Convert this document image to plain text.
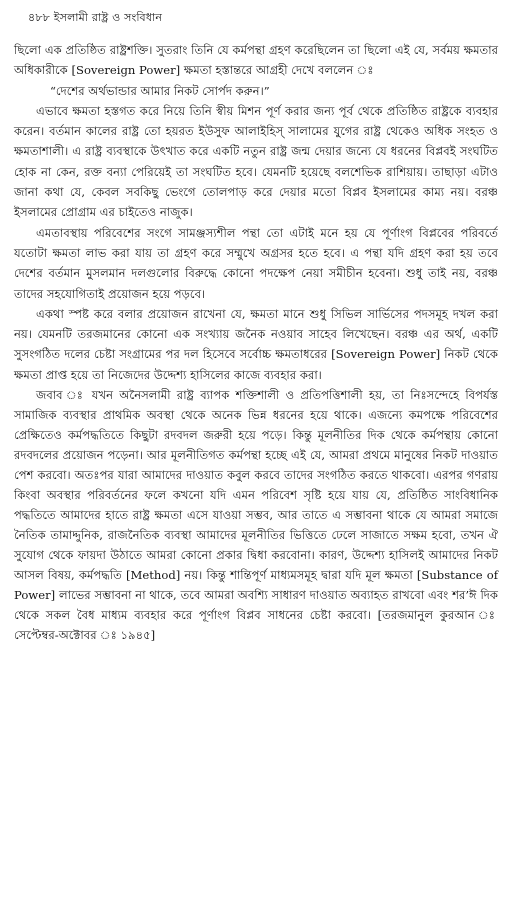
৪৮৮ ইসলামী রাষ্ট্র ও সংবিধান

ছিলো এক প্রতিষ্ঠিত রাষ্ট্রশক্তি। সুতরাং তিনি যে কর্মপন্থা গ্রহণ করেছিলেন তা ছিলো এই যে, সর্বময় ক্ষমতার অধিকারীকে [Sovereign Power] ক্ষমতা হস্তান্তরে আগ্রহী দেখে বললেন ঃ

“দেশের অর্থভান্ডার আমার নিকট সোর্পদ করুন।”

এভাবে ক্ষমতা হস্তগত করে নিয়ে তিনি স্বীয় মিশন পূর্ণ করার জন্য পূর্ব থেকে প্রতিষ্ঠিত রাষ্ট্রকে ব্যবহার করেন। বর্তমান কালের রাষ্ট্র তো হয়রত ইউসুফ আলাইহিস্‌ সালামের যুগের রাষ্ট্র থেকেও অধিক সংহত ও ক্ষমতাশালী। এ রাষ্ট্র ব্যবস্থাকে উৎখাত করে একটি নতুন রাষ্ট্র জন্ম দেয়ার জন্যে যে ধরনের বিপ্লবই সংঘটিত হোক না কেন, রক্ত বন্যা পেরিয়েই তা সংঘটিত হবে। যেমনটি হয়েছে বলশেভিক রাশিয়ায়। তাছাড়া এটাও জানা কথা যে, কেবল সবকিছু ভেংগে তোলপাড় করে দেয়ার মতো বিপ্লব ইসলামের কাম্য নয়। বরঞ্চ ইসলামের প্রোগ্রাম এর চাইতেও নাজুক।

এমতাবস্থায় পরিবেশের সংগে সামঞ্জস্যশীল পন্থা তো এটাই মনে হয় যে পূর্ণাংগ বিপ্লবের পরিবর্তে যতোটা ক্ষমতা লাভ করা যায় তা গ্রহণ করে সম্মুখে অগ্রসর হতে হবে। এ পন্থা যদি গ্রহণ করা হয় তবে দেশের বর্তমান মুসলমান দলগুলোর বিরুদ্ধে কোনো পদক্ষেপ নেয়া সমীচীন হবেনা। শুধু তাই নয়, বরঞ্চ তাদের সহযোগিতাই প্রয়োজন হয়ে পড়বে।

একথা স্পষ্ট করে বলার প্রয়োজন রাখেনা যে, ক্ষমতা মানে শুধু সিভিল সার্ভিসের পদসমূহ দখল করা নয়। যেমনটি তরজমানের কোনো এক সংখ্যায় জনৈক নওয়াব সাহেব লিখেছেন। বরঞ্চ এর অর্থ, একটি সুসংগঠিত দলের চেষ্টা সংগ্রামের পর দল হিসেবে সর্বোচ্চ ক্ষমতাধরের [Sovereign Power] নিকট থেকে ক্ষমতা প্রাপ্ত হয়ে তা নিজেদের উদ্দেশ্য হাসিলের কাজে ব্যবহার করা।

জবাব ঃ যখন অনৈসলামী রাষ্ট্র ব্যাপক শক্তিশালী ও প্রতিপত্তিশালী হয়, তা নিঃসন্দেহে বিপর্যস্ত সামাজিক ব্যবস্থার প্রাথমিক অবস্থা থেকে অনেক ভিন্ন ধরনের হয়ে থাকে। এজন্যে কমপক্ষে পরিবেশের প্রেক্ষিতেও কর্মপদ্ধতিতে কিছুটা রদবদল জরুরী হয়ে পড়ে। কিন্তু মূলনীতির দিক থেকে কর্মপন্থায় কোনো রদবদলের প্রয়োজন পড়েনা। আর মূলনীতিগত কর্মপন্থা হচ্ছে এই যে, আমরা প্রথমে মানুষের নিকট দাওয়াত পেশ করবো। অতঃপর যারা আমাদের দাওয়াত কবুল করবে তাদের সংগঠিত করতে থাকবো। এরপর গণরায় কিংবা অবস্থার পরিবর্তনের ফলে কখনো যদি এমন পরিবেশ সৃষ্টি হয়ে যায় যে, প্রতিষ্ঠিত সাংবিধানিক পদ্ধতিতে আমাদের হাতে রাষ্ট্র ক্ষমতা এসে যাওয়া সম্ভব, আর তাতে এ সম্ভাবনা থাকে যে আমরা সমাজে নৈতিক তামাদ্দুনিক, রাজনৈতিক ব্যবস্থা আমাদের মূলনীতির ভিত্তিতে ঢেলে সাজাতে সক্ষম হবো, তখন ঐ সুযোগ থেকে ফায়দা উঠাতে আমরা কোনো প্রকার দ্বিধা করবোনা। কারণ, উদ্দেশ্য হাসিলই আমাদের নিকট আসল বিষয়, কর্মপদ্ধতি [Method] নয়। কিন্তু শান্তিপূর্ণ মাধ্যমসমূহ দ্বারা যদি মূল ক্ষমতা [Substance of Power] লাভের সম্ভাবনা না থাকে, তবে আমরা অবশ্যি সাধারণ দাওয়াত অব্যাহত রাখবো এবং শর’ঈ দিক থেকে সকল বৈধ মাধ্যম ব্যবহার করে পূর্ণাংগ বিপ্লব সাধনের চেষ্টা করবো। [তরজমানুল কুরআন ঃ সেপ্টেম্বর-অক্টোবর ঃ ১৯৪৫]
